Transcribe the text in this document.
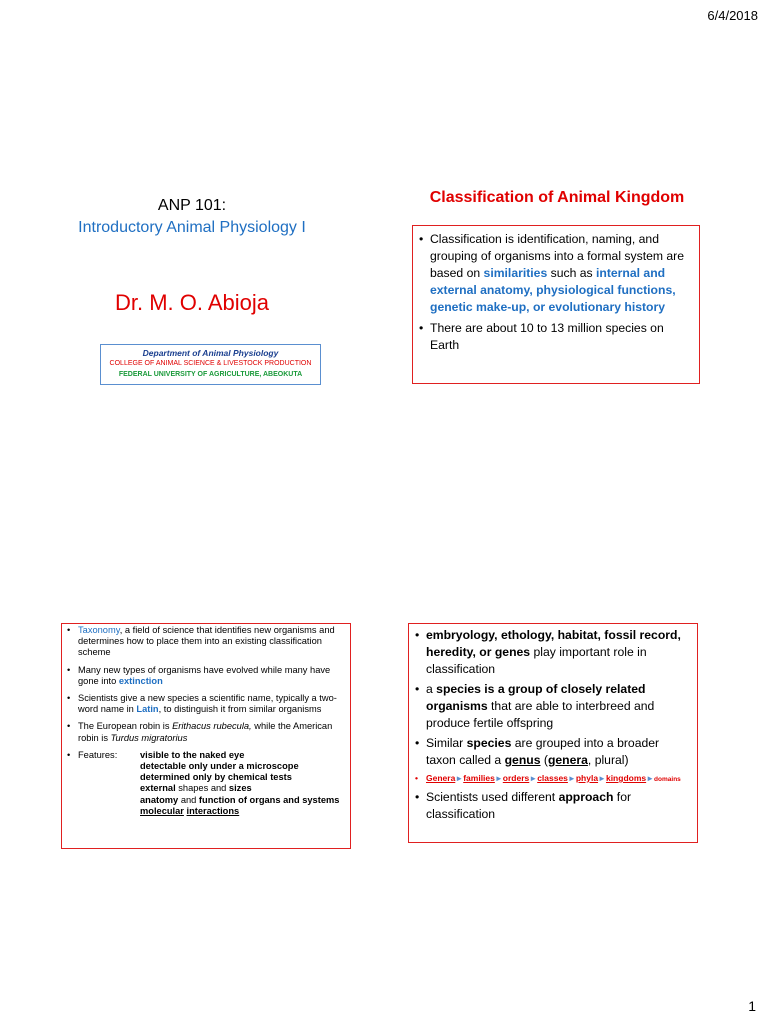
6/4/2018
ANP 101:
Introductory Animal Physiology I
Dr. M. O. Abioja
Department of Animal Physiology
COLLEGE OF ANIMAL SCIENCE & LIVESTOCK PRODUCTION
FEDERAL UNIVERSITY OF AGRICULTURE, ABEOKUTA
Classification of Animal Kingdom
• Classification is identification, naming, and grouping of organisms into a formal system are based on similarities such as internal and external anatomy, physiological functions, genetic make-up, or evolutionary history
• There are about 10 to 13 million species on Earth
• Taxonomy, a field of science that identifies new organisms and determines how to place them into an existing classification scheme
• Many new types of organisms have evolved while many have gone into extinction
• Scientists give a new species a scientific name, typically a two-word name in Latin, to distinguish it from similar organisms
• The European robin is Erithacus rubecula, while the American robin is Turdus migratorius
• Features:	visible to the naked eye
detectable only under a microscope
determined only by chemical tests
external shapes and sizes
anatomy and function of organs and systems
molecular interactions
• embryology, ethology, habitat, fossil record, heredity, or genes play important role in classification
• a species is a group of closely related organisms that are able to interbreed and produce fertile offspring
• Similar species are grouped into a broader taxon called a genus (genera, plural)
• Genera►families►orders►classes►phyla►kingdoms►domains
• Scientists used different approach for classification
1
